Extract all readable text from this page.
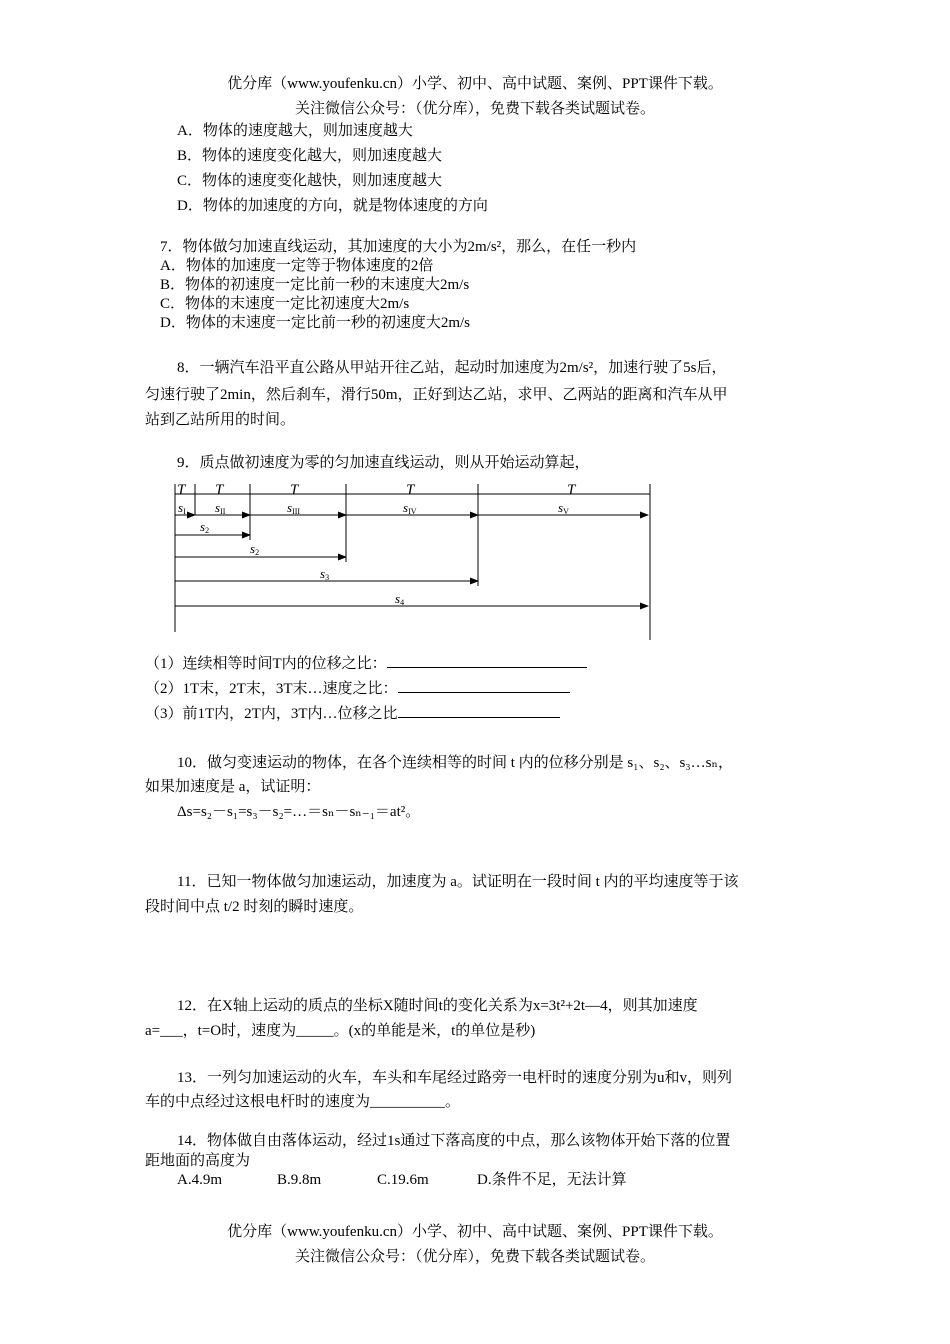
优分库（www.youfenku.cn）小学、初中、高中试题、案例、PPT课件下载。
关注微信公众号：（优分库），免费下载各类试题试卷。
A．物体的速度越大，则加速度越大
B．物体的速度变化越大，则加速度越大
C．物体的速度变化越快，则加速度越大
D．物体的加速度的方向，就是物体速度的方向
7．物体做匀加速直线运动，其加速度的大小为2m/s²，那么，在任一秒内
A．物体的加速度一定等于物体速度的2倍
B．物体的初速度一定比前一秒的末速度大2m/s
C．物体的末速度一定比初速度大2m/s
D．物体的末速度一定比前一秒的初速度大2m/s
8．一辆汽车沿平直公路从甲站开往乙站，起动时加速度为2m/s²，加速行驶了5s后，
匀速行驶了2min，然后刹车，滑行50m，正好到达乙站，求甲、乙两站的距离和汽车从甲
站到乙站所用的时间。
9．质点做初速度为零的匀加速直线运动，则从开始运动算起，
T T	T	T	T
sI sII	sIII	sIV	sV
s2
s2
s3
s4
（1）连续相等时间T内的位移之比：
（2）1T末，2T末，3T末…速度之比：
（3）前1T内，2T内，3T内…位移之比
10．做匀变速运动的物体，在各个连续相等的时间 t 内的位移分别是 s₁、s₂、s₃…sₙ，
如果加速度是 a，试证明：
Δs=s₂－s₁=s₃－s₂=…＝sₙ－sₙ₋₁＝at²。
11．已知一物体做匀加速运动，加速度为 a。试证明在一段时间 t 内的平均速度等于该
段时间中点 t/2 时刻的瞬时速度。
12．在X轴上运动的质点的坐标X随时间t的变化关系为x=3t²+2t—4，则其加速度
a=___，t=O时，速度为_____。(x的单能是米，t的单位是秒)
13．一列匀加速运动的火车，车头和车尾经过路旁一电杆时的速度分别为u和v，则列
车的中点经过这根电杆时的速度为__________。
14．物体做自由落体运动，经过1s通过下落高度的中点，那么该物体开始下落的位置
距地面的高度为
A.4.9m	B.9.8m	C.19.6m	D.条件不足，无法计算
优分库（www.youfenku.cn）小学、初中、高中试题、案例、PPT课件下载。
关注微信公众号：（优分库），免费下载各类试题试卷。
